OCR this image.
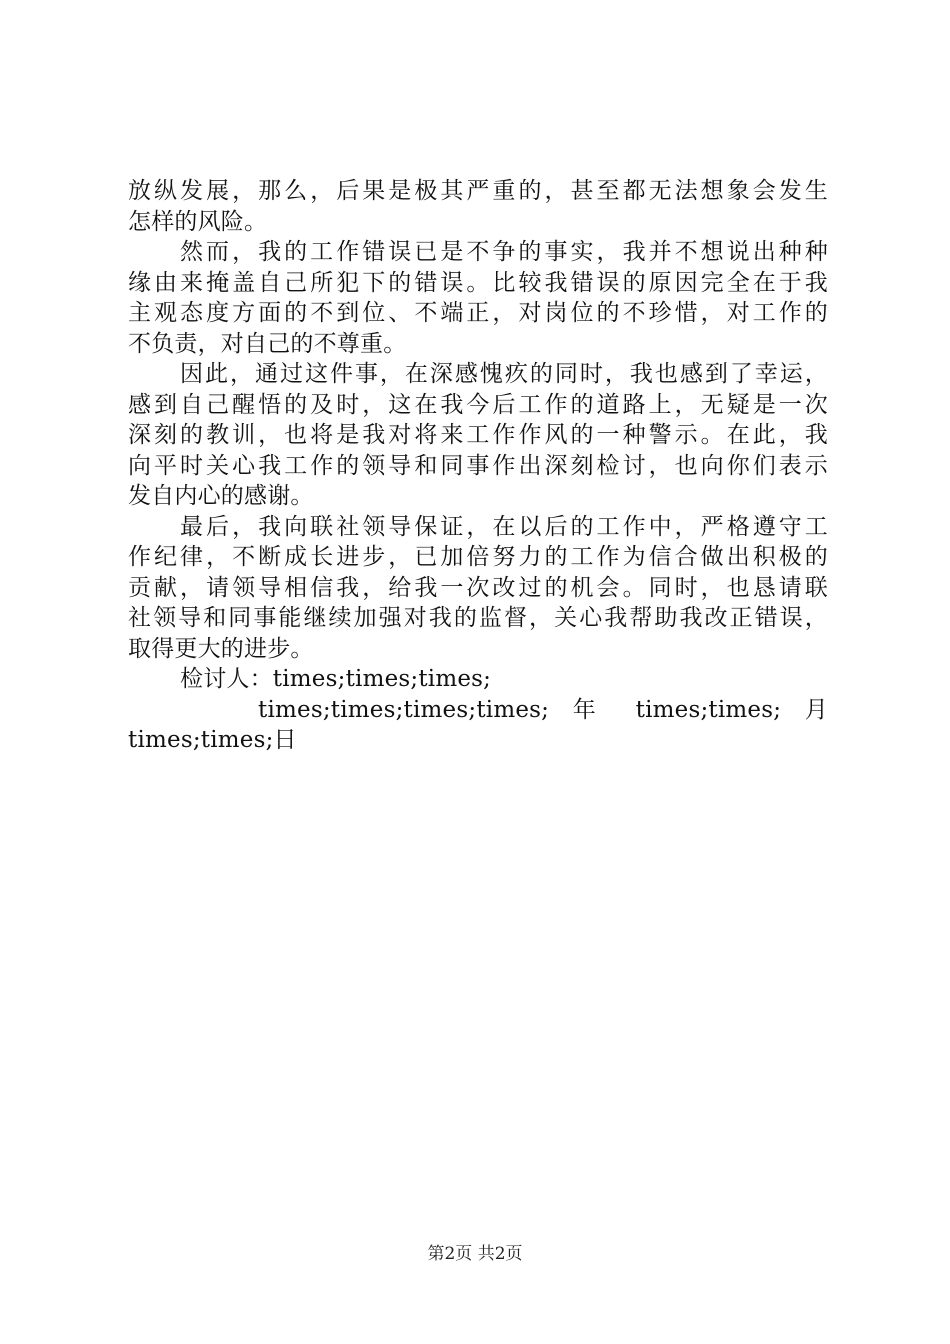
放纵发展，那么，后果是极其严重的，甚至都无法想象会发生
怎样的风险。
然而，我的工作错误已是不争的事实，我并不想说出种种
缘由来掩盖自己所犯下的错误。比较我错误的原因完全在于我
主观态度方面的不到位、不端正，对岗位的不珍惜，对工作的
不负责，对自己的不尊重。
因此，通过这件事，在深感愧疚的同时，我也感到了幸运，
感到自己醒悟的及时，这在我今后工作的道路上，无疑是一次
深刻的教训，也将是我对将来工作作风的一种警示。在此，我
向平时关心我工作的领导和同事作出深刻检讨，也向你们表示
发自内心的感谢。
最后，我向联社领导保证，在以后的工作中，严格遵守工
作纪律，不断成长进步，已加倍努力的工作为信合做出积极的
贡献，请领导相信我，给我一次改过的机会。同时，也恳请联
社领导和同事能继续加强对我的监督，关心我帮助我改正错误，
取得更大的进步。
检讨人：times;times;times;
times;times;times;times; 年 times;times; 月
times;times;日
第2页 共2页
